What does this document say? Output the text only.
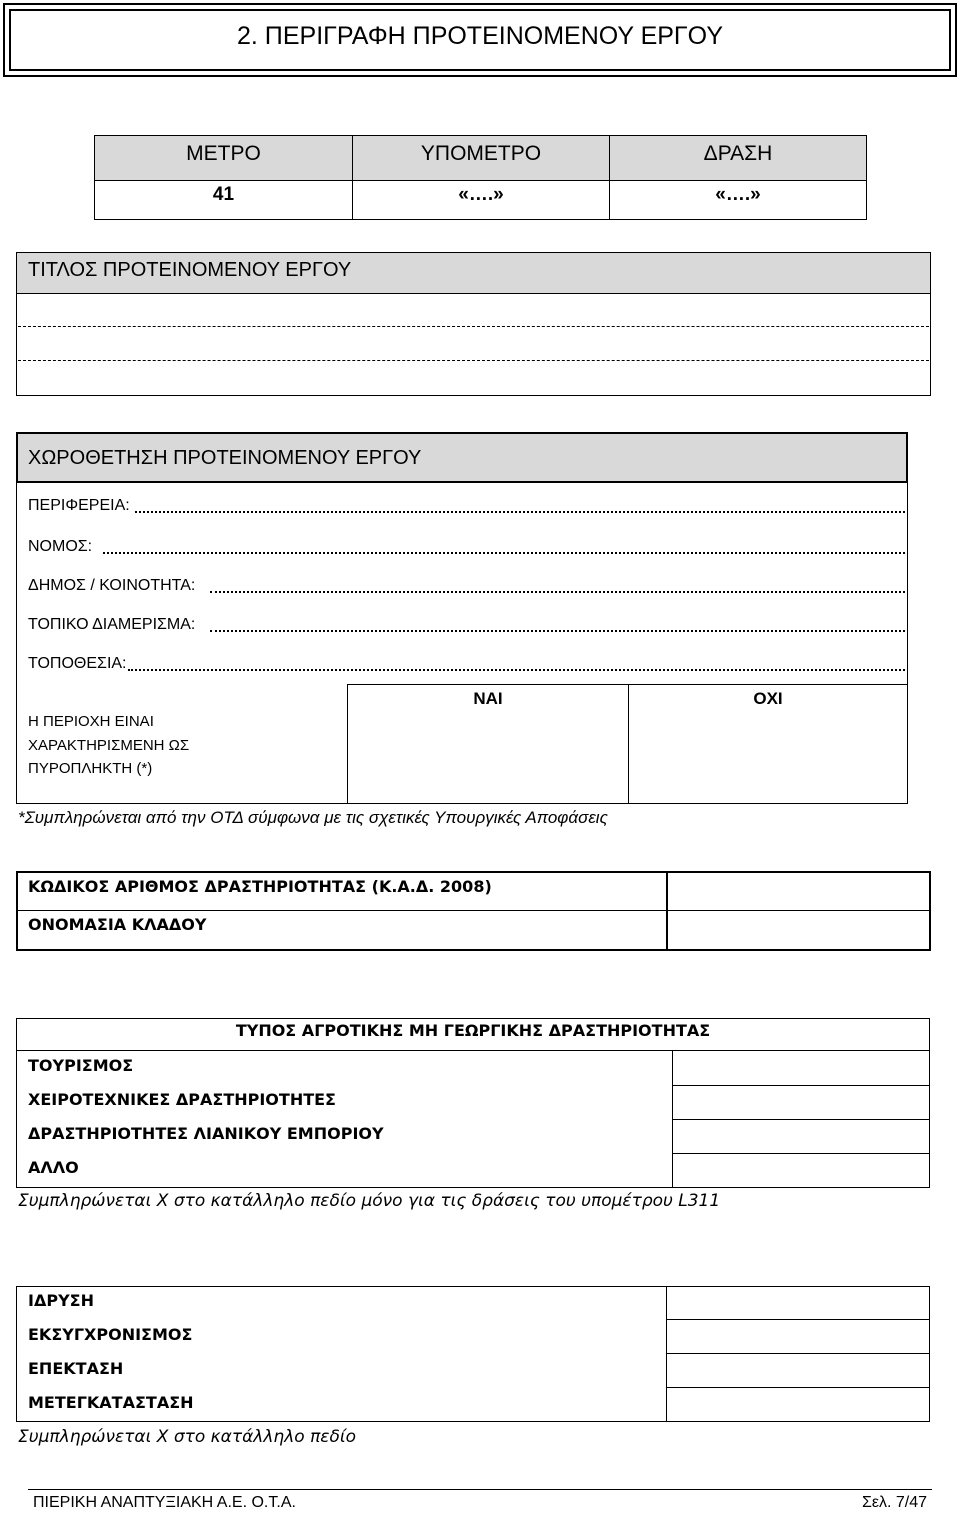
2. ΠΕΡΙΓΡΑΦΗ ΠΡΟΤΕΙΝΟΜΕΝΟΥ ΕΡΓΟΥ
ΜΕΤΡΟ	ΥΠΟΜΕΤΡΟ	ΔΡΑΣΗ
41	«….»	«….»
ΤΙΤΛΟΣ ΠΡΟΤΕΙΝΟΜΕΝΟΥ ΕΡΓΟΥ
ΧΩΡΟΘΕΤΗΣΗ ΠΡΟΤΕΙΝΟΜΕΝΟΥ ΕΡΓΟΥ
ΠΕΡΙΦΕΡΕΙΑ:
ΝΟΜΟΣ:
ΔΗΜΟΣ / ΚΟΙΝΟΤΗΤΑ:
ΤΟΠΙΚΟ ΔΙΑΜΕΡΙΣΜΑ:
ΤΟΠΟΘΕΣΙΑ:
Η ΠΕΡΙΟΧΗ ΕΙΝΑΙ
ΧΑΡΑΚΤΗΡΙΣΜΕΝΗ ΩΣ
ΠΥΡΟΠΛΗΚΤΗ (*)
ΝΑΙ	ΟΧΙ
*Συμπληρώνεται από την ΟΤΔ σύμφωνα με τις σχετικές Υπουργικές Αποφάσεις
ΚΩΔΙΚΟΣ ΑΡΙΘΜΟΣ ΔΡΑΣΤΗΡΙΟΤΗΤΑΣ (Κ.Α.Δ. 2008)
ΟΝΟΜΑΣΙΑ ΚΛΑΔΟΥ
ΤΥΠΟΣ ΑΓΡΟΤΙΚΗΣ ΜΗ ΓΕΩΡΓΙΚΗΣ ΔΡΑΣΤΗΡΙΟΤΗΤΑΣ
ΤΟΥΡΙΣΜΟΣ
ΧΕΙΡΟΤΕΧΝΙΚΕΣ ΔΡΑΣΤΗΡΙΟΤΗΤΕΣ
ΔΡΑΣΤΗΡΙΟΤΗΤΕΣ ΛΙΑΝΙΚΟΥ ΕΜΠΟΡΙΟΥ
ΑΛΛΟ
Συμπληρώνεται Χ στο κατάλληλο πεδίο μόνο για τις δράσεις του υπομέτρου L311
ΙΔΡΥΣΗ
ΕΚΣΥΓΧΡΟΝΙΣΜΟΣ
ΕΠΕΚΤΑΣΗ
ΜΕΤΕΓΚΑΤΑΣΤΑΣΗ
Συμπληρώνεται Χ στο κατάλληλο πεδίο
ΠΙΕΡΙΚΗ ΑΝΑΠΤΥΞΙΑΚΗ Α.Ε. Ο.Τ.Α.	Σελ. 7/47
